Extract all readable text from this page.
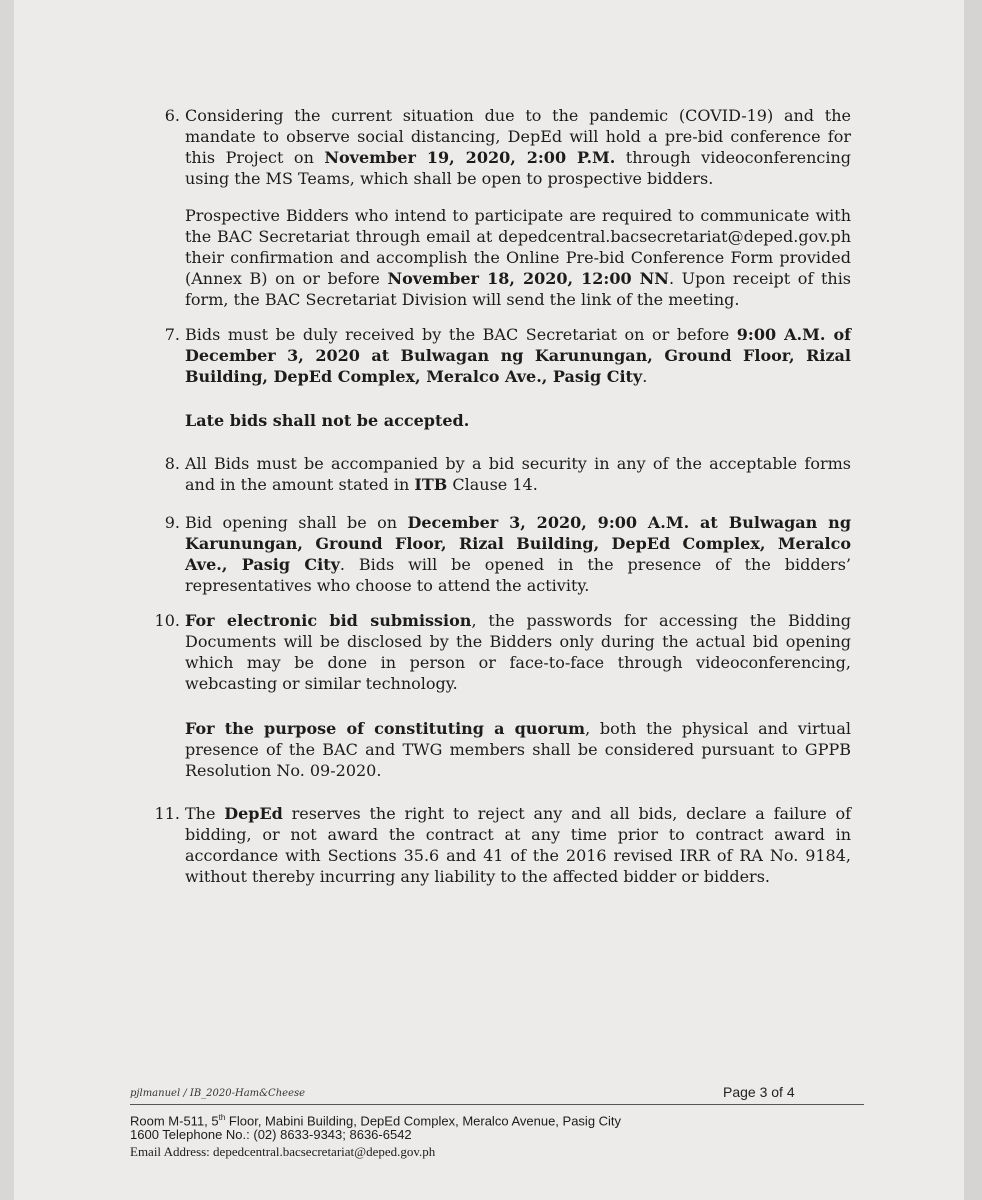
6. Considering the current situation due to the pandemic (COVID-19) and the mandate to observe social distancing, DepEd will hold a pre-bid conference for this Project on November 19, 2020, 2:00 P.M. through videoconferencing using the MS Teams, which shall be open to prospective bidders.
Prospective Bidders who intend to participate are required to communicate with the BAC Secretariat through email at depedcentral.bacsecretariat@deped.gov.ph their confirmation and accomplish the Online Pre-bid Conference Form provided (Annex B) on or before November 18, 2020, 12:00 NN. Upon receipt of this form, the BAC Secretariat Division will send the link of the meeting.
7. Bids must be duly received by the BAC Secretariat on or before 9:00 A.M. of December 3, 2020 at Bulwagan ng Karunungan, Ground Floor, Rizal Building, DepEd Complex, Meralco Ave., Pasig City.
Late bids shall not be accepted.
8. All Bids must be accompanied by a bid security in any of the acceptable forms and in the amount stated in ITB Clause 14.
9. Bid opening shall be on December 3, 2020, 9:00 A.M. at Bulwagan ng Karunungan, Ground Floor, Rizal Building, DepEd Complex, Meralco Ave., Pasig City. Bids will be opened in the presence of the bidders’ representatives who choose to attend the activity.
10. For electronic bid submission, the passwords for accessing the Bidding Documents will be disclosed by the Bidders only during the actual bid opening which may be done in person or face-to-face through videoconferencing, webcasting or similar technology.
For the purpose of constituting a quorum, both the physical and virtual presence of the BAC and TWG members shall be considered pursuant to GPPB Resolution No. 09-2020.
11. The DepEd reserves the right to reject any and all bids, declare a failure of bidding, or not award the contract at any time prior to contract award in accordance with Sections 35.6 and 41 of the 2016 revised IRR of RA No. 9184, without thereby incurring any liability to the affected bidder or bidders.
pjlmanuel / IB_2020-Ham&Cheese	Page 3 of 4
Room M-511, 5th Floor, Mabini Building, DepEd Complex, Meralco Avenue, Pasig City
1600 Telephone No.: (02) 8633-9343; 8636-6542
Email Address: depedcentral.bacsecretariat@deped.gov.ph
